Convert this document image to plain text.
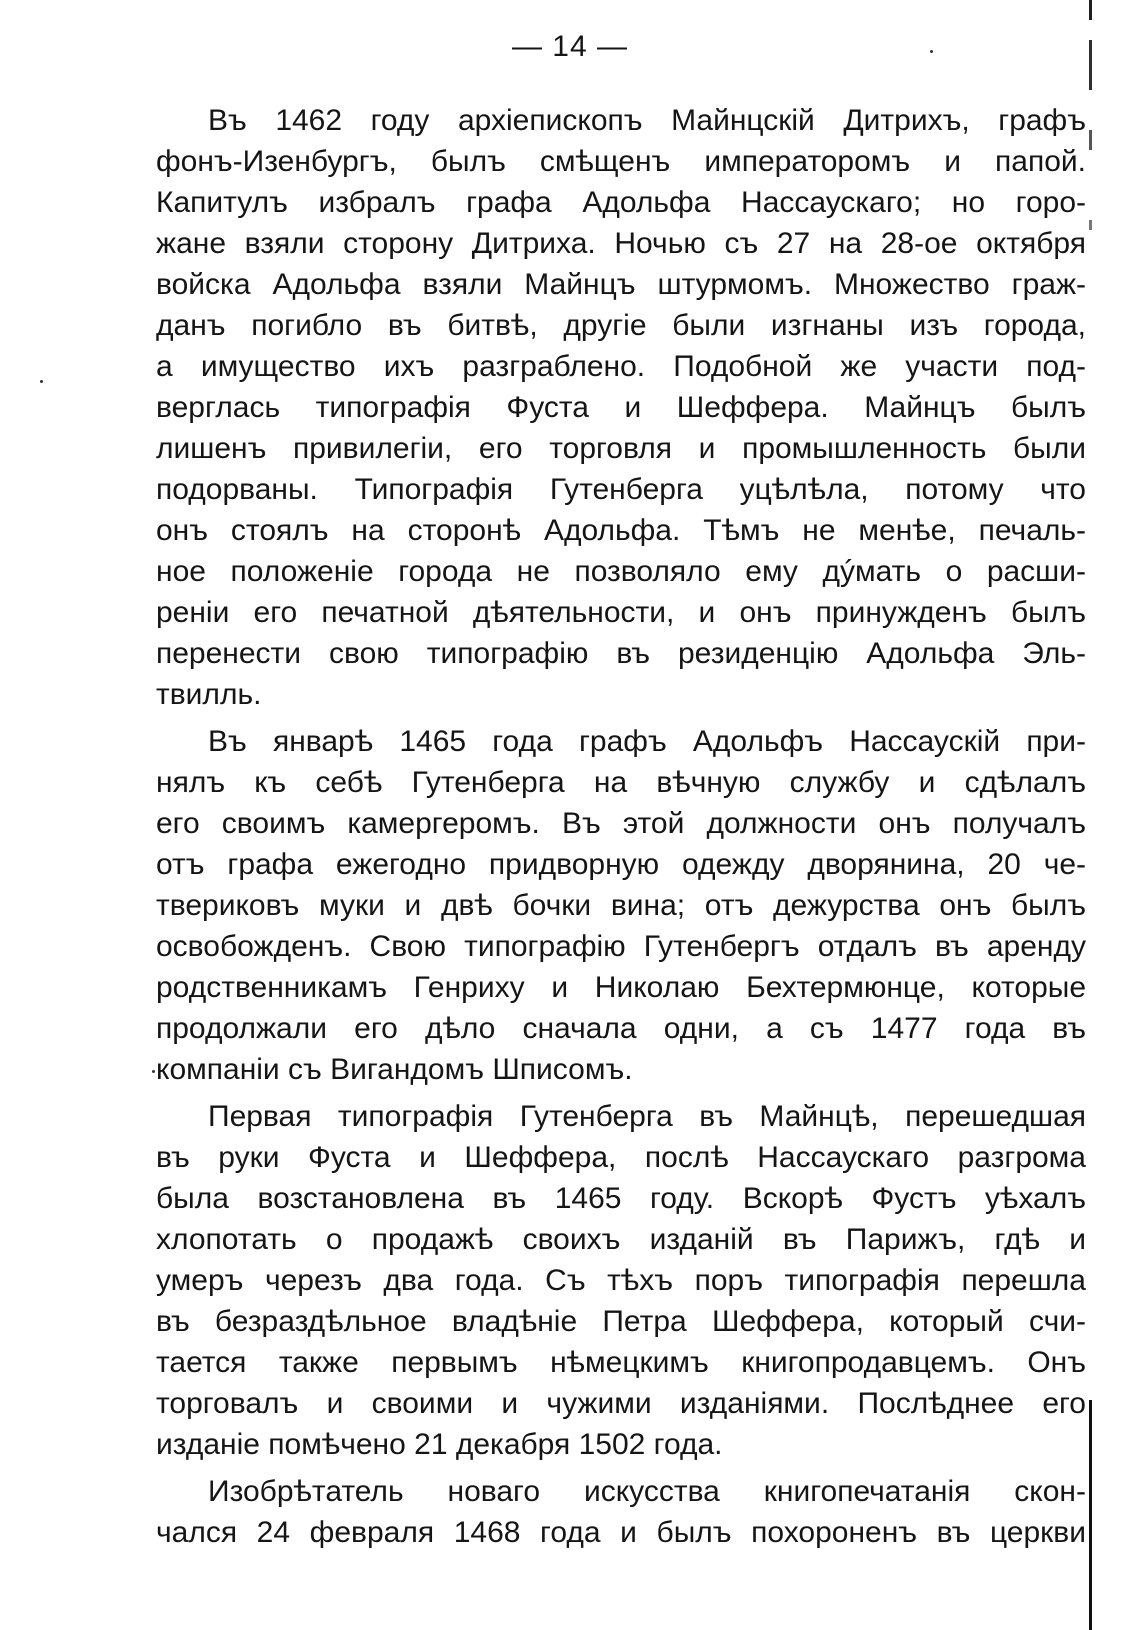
— 14 —
Въ 1462 году архіепископъ Майнцскій Дитрихъ, графъ
фонъ-Изенбургъ, былъ смѣщенъ императоромъ и папой.
Капитулъ избралъ графа Адольфа Нассаускаго; но горо-
жане взяли сторону Дитриха. Ночью съ 27 на 28-ое октября
войска Адольфа взяли Майнцъ штурмомъ. Множество граж-
данъ погибло въ битвѣ, другіе были изгнаны изъ города,
а имущество ихъ разграблено. Подобной же участи под-
верглась типографія Фуста и Шеффера. Майнцъ былъ
лишенъ привилегіи, его торговля и промышленность были
подорваны. Типографія Гутенберга уцѣлѣла, потому что
онъ стоялъ на сторонѣ Адольфа. Тѣмъ не менѣе, печаль-
ное положеніе города не позволяло ему дýмать о расши-
реніи его печатной дѣятельности, и онъ принужденъ былъ
перенести свою типографію въ резиденцію Адольфа Эль-
твилль.
Въ январѣ 1465 года графъ Адольфъ Нассаускій при-
нялъ къ себѣ Гутенберга на вѣчную службу и сдѣлалъ
его своимъ камергеромъ. Въ этой должности онъ получалъ
отъ графа ежегодно придворную одежду дворянина, 20 че-
твериковъ муки и двѣ бочки вина; отъ дежурства онъ былъ
освобожденъ. Свою типографію Гутенбергъ отдалъ въ аренду
родственникамъ Генриху и Николаю Бехтермюнце, которые
продолжали его дѣло сначала одни, а съ 1477 года въ
компаніи съ Вигандомъ Шписомъ.
Первая типографія Гутенберга въ Майнцѣ, перешедшая
въ руки Фуста и Шеффера, послѣ Нассаускаго разгрома
была возстановлена въ 1465 году. Вскорѣ Фустъ уѣхалъ
хлопотать о продажѣ своихъ изданій въ Парижъ, гдѣ и
умеръ черезъ два года. Съ тѣхъ поръ типографія перешла
въ безраздѣльное владѣніе Петра Шеффера, который счи-
тается также первымъ нѣмецкимъ книгопродавцемъ. Онъ
торговалъ и своими и чужими изданіями. Послѣднее его
изданіе помѣчено 21 декабря 1502 года.
Изобрѣтатель новаго искусства книгопечатанія скон-
чался 24 февраля 1468 года и былъ похороненъ въ церкви
